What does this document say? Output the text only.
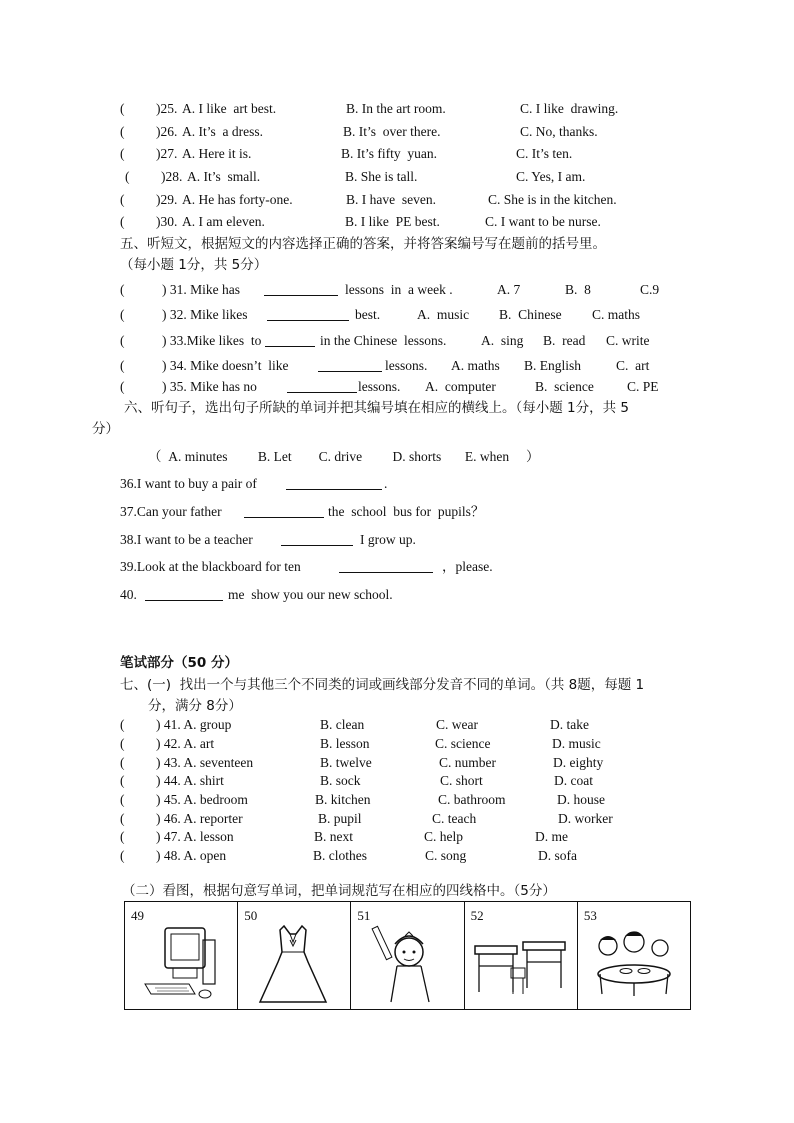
( )25. A. I like  art best.	B. In the art room.	C. I like  drawing.
( )26. A. It’s  a dress.	B. It’s  over there.	C. No, thanks.
( )27. A. Here it is.	B. It’s fifty  yuan.	C. It’s ten.
( )28. A. It’s  small.	B. She is tall.	C. Yes, I am.
( )29. A. He has forty-one.	B. I have  seven.	C. She is in the kitchen.
( )30. A. I am eleven.	B. I like  PE best.	C. I want to be nurse.
五、听短文，根据短文的内容选择正确的答案，并将答案编号写在题前的括号里。
（每小题 1分，共 5分）
(	) 31. Mike has	lessons  in  a week .	A. 7	B.  8	C.9
(	) 32. Mike likes	best.	A.  music B.  Chinese C. maths
(	) 33.Mike likes  to	in the Chinese  lessons.	A.  sing B.  read C. write
(	) 34. Mike doesn’t  like	lessons. A. maths B. English	C.  art
(	) 35. Mike has no	lessons. A.  computer	B.  science C. PE
六、听句子，选出句子所缺的单词并把其编号填在相应的横线上。（每小题 1分，共 5
分）
（  A. minutes         B. Let        C. drive         D. shorts       E. when     ）
36.I want to buy a pair of	.
37.Can your father	the  school  bus for  pupils？
38.I want to be a teacher	I grow up.
39.Look at the blackboard for ten	，please.
40.	me  show you our new school.
笔试部分（50 分）
七、(一)  找出一个与其他三个不同类的词或画线部分发音不同的单词。（共 8题，每题 1
分，满分 8分）
( ) 41. A. group	B. clean	C. wear	D. take
( ) 42. A. art	B. lesson	C. science	D. music
( ) 43. A. seventeen	B. twelve	C. number	D. eighty
( ) 44. A. shirt	B. sock	C. short	D. coat
( ) 45. A. bedroom	B. kitchen	C. bathroom	D. house
( ) 46. A. reporter	B. pupil	C. teach	D. worker
( ) 47. A. lesson	B. next	C. help	D. me
( ) 48. A. open	B. clothes	C. song	D. sofa
（二）看图，根据句意写单词，把单词规范写在相应的四线格中。（5分）
49	50	51	52	53
